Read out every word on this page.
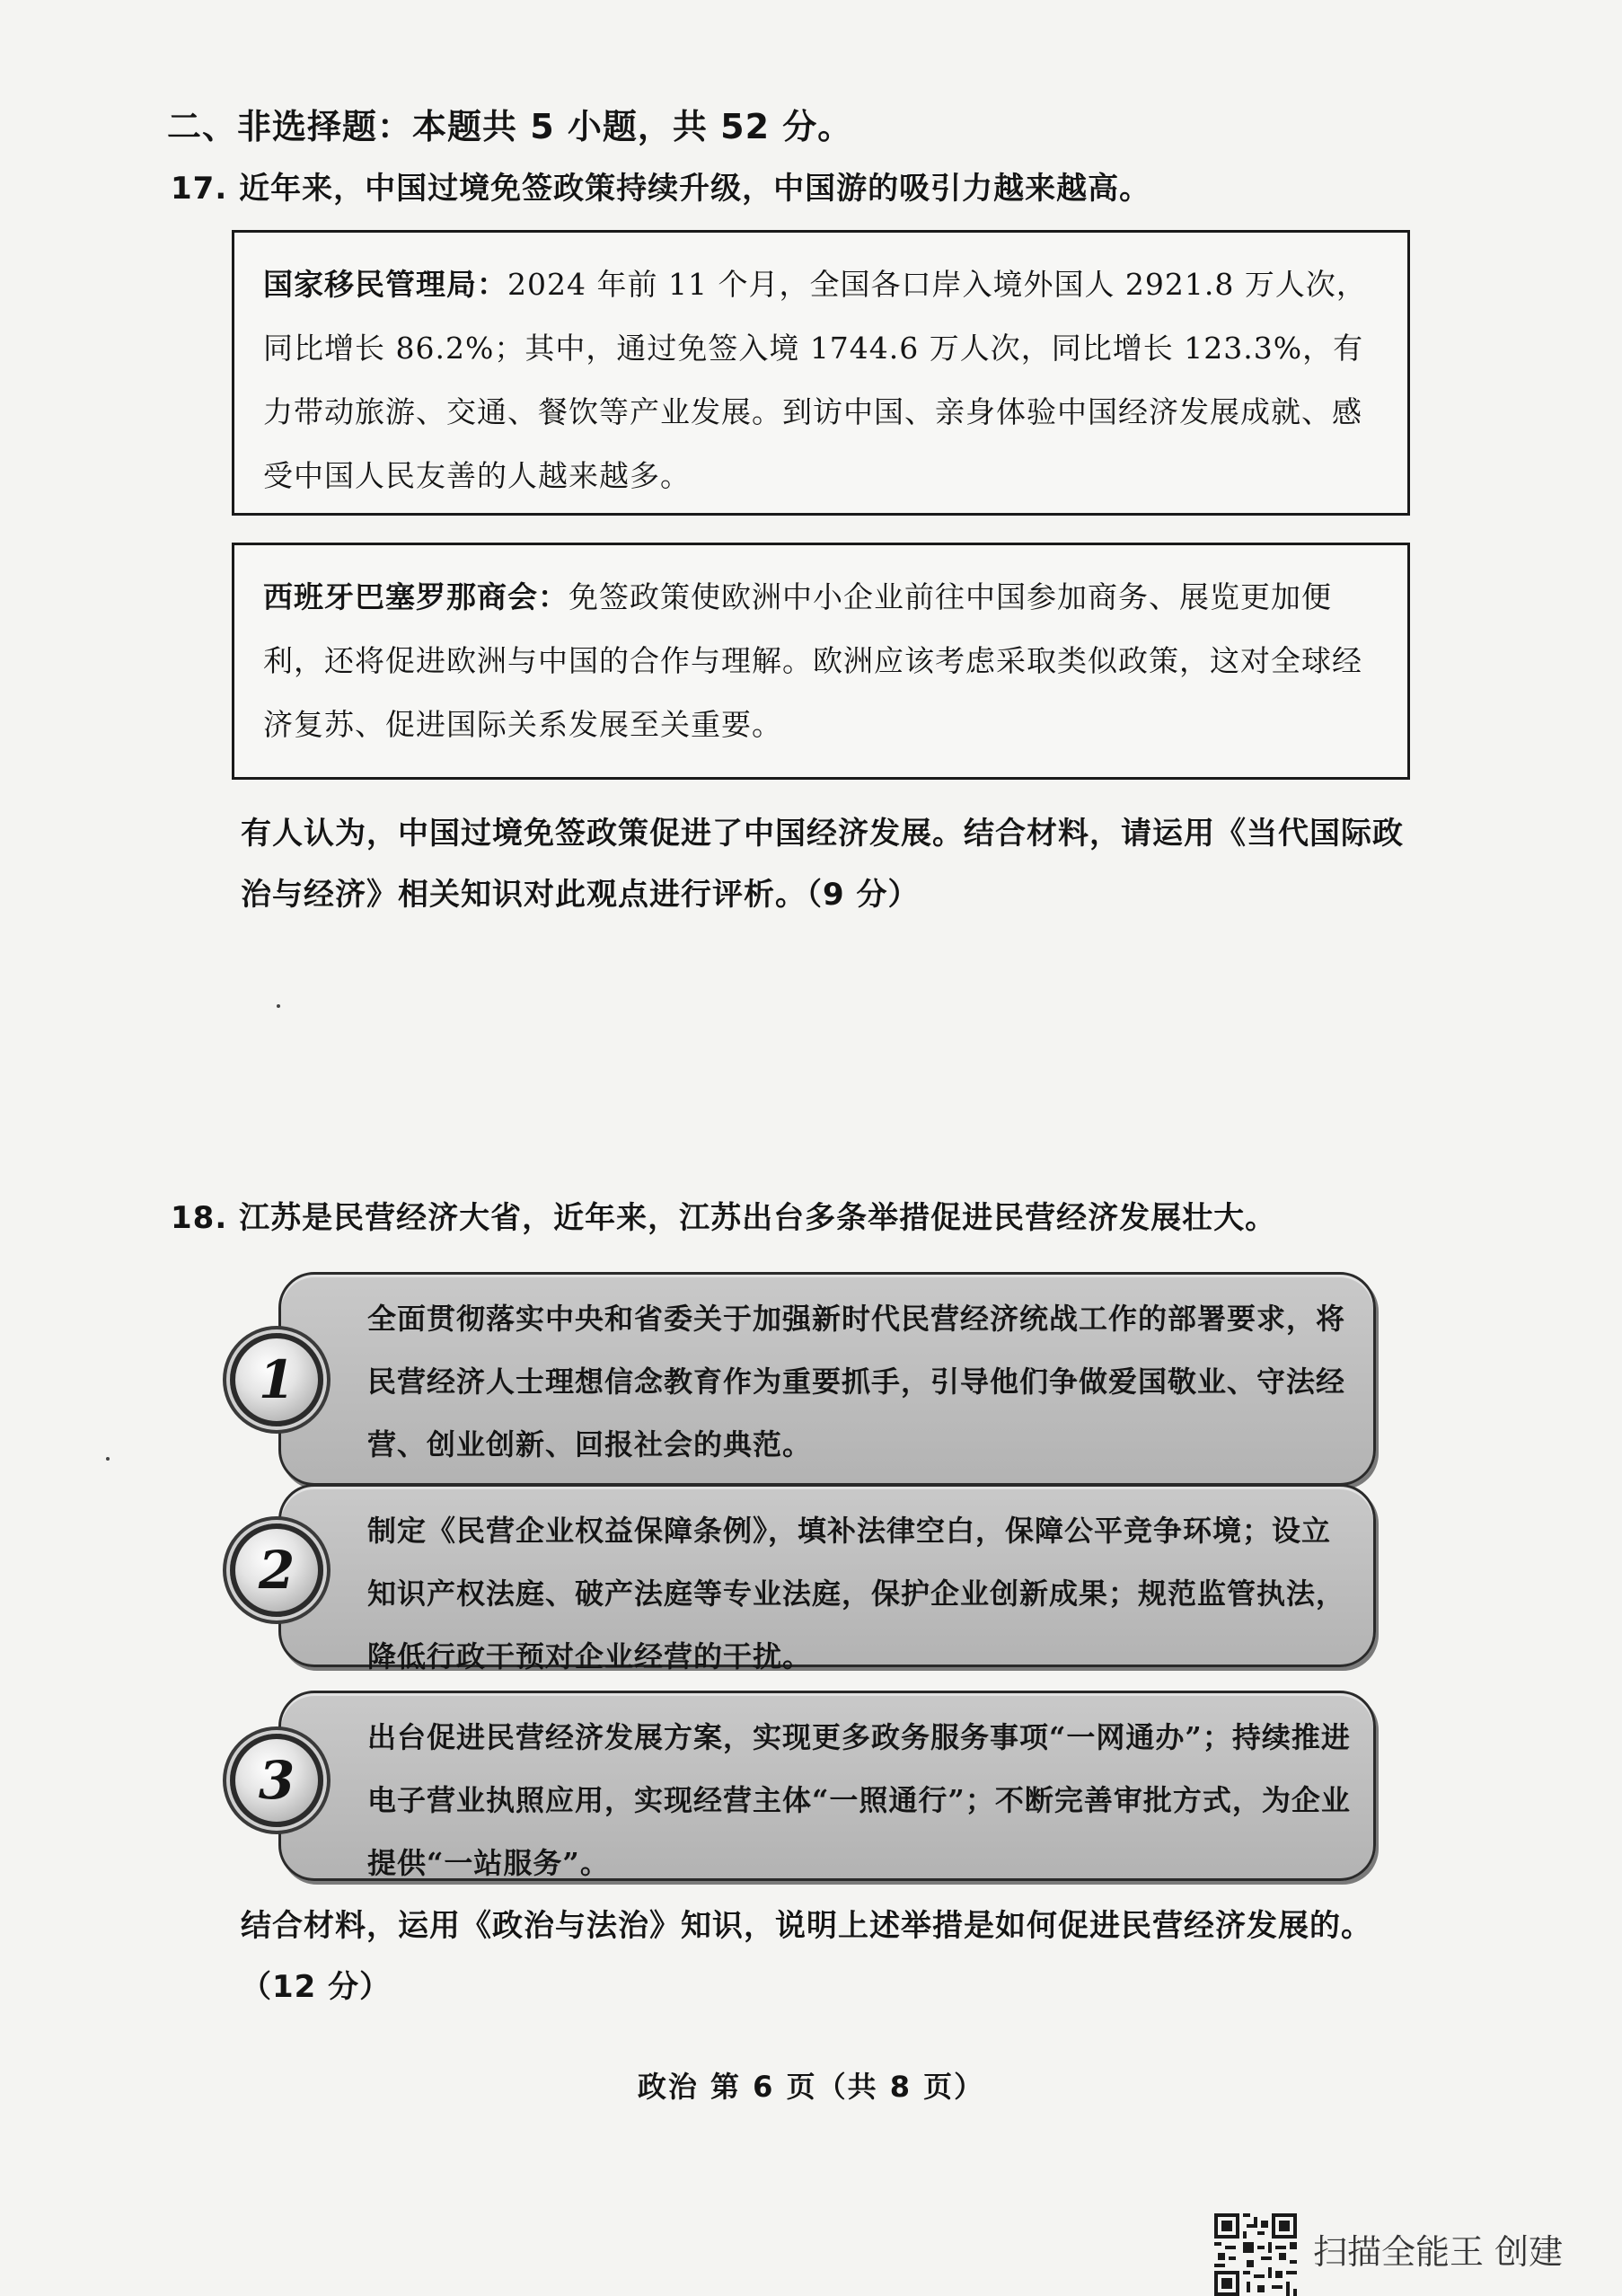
二、非选择题：本题共 5 小题，共 52 分。
17. 近年来，中国过境免签政策持续升级，中国游的吸引力越来越高。
国家移民管理局：2024 年前 11 个月，全国各口岸入境外国人 2921.8 万人次，同比增长 86.2%；其中，通过免签入境 1744.6 万人次，同比增长 123.3%，有力带动旅游、交通、餐饮等产业发展。到访中国、亲身体验中国经济发展成就、感受中国人民友善的人越来越多。
西班牙巴塞罗那商会：免签政策使欧洲中小企业前往中国参加商务、展览更加便利，还将促进欧洲与中国的合作与理解。欧洲应该考虑采取类似政策，这对全球经济复苏、促进国际关系发展至关重要。
有人认为，中国过境免签政策促进了中国经济发展。结合材料，请运用《当代国际政治与经济》相关知识对此观点进行评析。（9 分）
18. 江苏是民营经济大省，近年来，江苏出台多条举措促进民营经济发展壮大。
全面贯彻落实中央和省委关于加强新时代民营经济统战工作的部署要求，将民营经济人士理想信念教育作为重要抓手，引导他们争做爱国敬业、守法经营、创业创新、回报社会的典范。
1
制定《民营企业权益保障条例》，填补法律空白，保障公平竞争环境；设立知识产权法庭、破产法庭等专业法庭，保护企业创新成果；规范监管执法，降低行政干预对企业经营的干扰。
2
出台促进民营经济发展方案，实现更多政务服务事项“一网通办”；持续推进电子营业执照应用，实现经营主体“一照通行”；不断完善审批方式，为企业提供“一站服务”。
3
结合材料，运用《政治与法治》知识，说明上述举措是如何促进民营经济发展的。（12 分）
政治 第 6 页（共 8 页）
扫描全能王 创建
